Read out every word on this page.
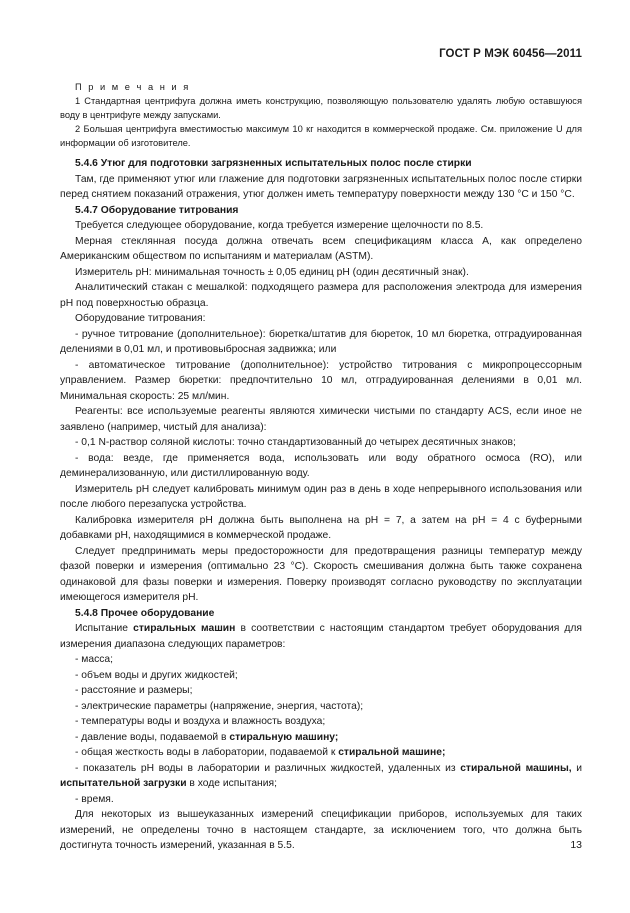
ГОСТ Р МЭК 60456—2011

П р и м е ч а н и я

1 Стандартная центрифуга должна иметь конструкцию, позволяющую пользователю удалять любую оставшуюся воду в центрифуге между запусками.

2 Большая центрифуга вместимостью максимум 10 кг находится в коммерческой продаже. См. приложение U для информации об изготовителе.

5.4.6 Утюг для подготовки загрязненных испытательных полос после стирки

Там, где применяют утюг или глажение для подготовки загрязненных испытательных полос после стирки перед снятием показаний отражения, утюг должен иметь температуру поверхности между 130 °С и 150 °С.

5.4.7 Оборудование титрования

Требуется следующее оборудование, когда требуется измерение щелочности по 8.5.

Мерная стеклянная посуда должна отвечать всем спецификациям класса А, как определено Американским обществом по испытаниям и материалам (ASTM).

Измеритель рН: минимальная точность ± 0,05 единиц рН (один десятичный знак).

Аналитический стакан с мешалкой: подходящего размера для расположения электрода для измерения рН под поверхностью образца.

Оборудование титрования:

- ручное титрование (дополнительное): бюретка/штатив для бюреток, 10 мл бюретка, отградуированная делениями в 0,01 мл, и противовыбросная задвижка; или

- автоматическое титрование (дополнительное): устройство титрования с микропроцессорным управлением. Размер бюретки: предпочтительно 10 мл, отградуированная делениями в 0,01 мл. Минимальная скорость: 25 мл/мин.

Реагенты: все используемые реагенты являются химически чистыми по стандарту ACS, если иное не заявлено (например, чистый для анализа):

- 0,1 N-раствор соляной кислоты: точно стандартизованный до четырех десятичных знаков;

- вода: везде, где применяется вода, использовать или воду обратного осмоса (RO), или деминерализованную, или дистиллированную воду.

Измеритель рН следует калибровать минимум один раз в день в ходе непрерывного использования или после любого перезапуска устройства.

Калибровка измерителя рН должна быть выполнена на рН = 7, а затем на рН = 4 с буферными добавками рН, находящимися в коммерческой продаже.

Следует предпринимать меры предосторожности для предотвращения разницы температур между фазой поверки и измерения (оптимально 23 °С). Скорость смешивания должна быть также сохранена одинаковой для фазы поверки и измерения. Поверку производят согласно руководству по эксплуатации имеющегося измерителя рН.

5.4.8 Прочее оборудование

Испытание стиральных машин в соответствии с настоящим стандартом требует оборудования для измерения диапазона следующих параметров:

- масса;

- объем воды и других жидкостей;

- расстояние и размеры;

- электрические параметры (напряжение, энергия, частота);

- температуры воды и воздуха и влажность воздуха;

- давление воды, подаваемой в стиральную машину;

- общая жесткость воды в лаборатории, подаваемой к стиральной машине;

- показатель рН воды в лаборатории и различных жидкостей, удаленных из стиральной машины, и испытательной загрузки в ходе испытания;

- время.

Для некоторых из вышеуказанных измерений спецификации приборов, используемых для таких измерений, не определены точно в настоящем стандарте, за исключением того, что должна быть достигнута точность измерений, указанная в 5.5.	13
